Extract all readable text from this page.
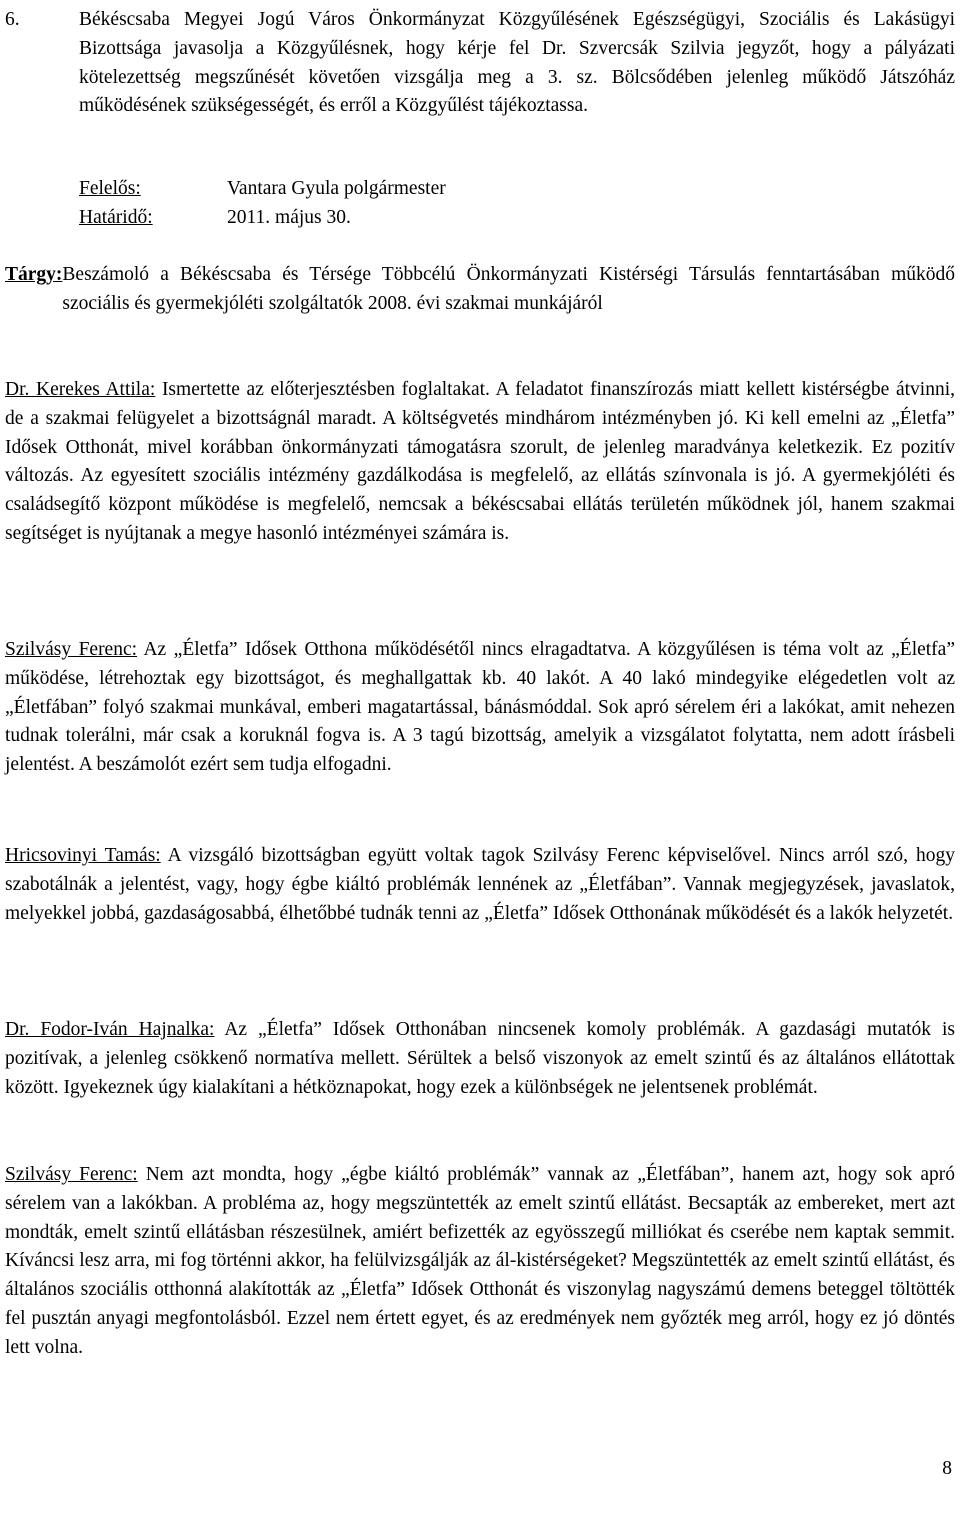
6.	Békéscsaba Megyei Jogú Város Önkormányzat Közgyűlésének Egészségügyi, Szociális és Lakásügyi Bizottsága javasolja a Közgyűlésnek, hogy kérje fel Dr. Szvercsák Szilvia jegyzőt, hogy a pályázati kötelezettség megszűnését követően vizsgálja meg a 3. sz. Bölcsődében jelenleg működő Játszóház működésének szükségességét, és erről a Közgyűlést tájékoztassa.
Felelős:	Vantara Gyula polgármester
Határidő:	2011. május 30.
Tárgy: Beszámoló a Békéscsaba és Térsége Többcélú Önkormányzati Kistérségi Társulás fenntartásában működő szociális és gyermekjóléti szolgáltatók 2008. évi szakmai munkájáról

Dr. Kerekes Attila: Ismertette az előterjesztésben foglaltakat. A feladatot finanszírozás miatt kellett kistérségbe átvinni, de a szakmai felügyelet a bizottságnál maradt. A költségvetés mindhárom intézményben jó. Ki kell emelni az „Életfa” Idősek Otthonát, mivel korábban önkormányzati támogatásra szorult, de jelenleg maradványa keletkezik. Ez pozitív változás. Az egyesített szociális intézmény gazdálkodása is megfelelő, az ellátás színvonala is jó. A gyermekjóléti és családsegítő központ működése is megfelelő, nemcsak a békéscsabai ellátás területén működnek jól, hanem szakmai segítséget is nyújtanak a megye hasonló intézményei számára is.

Szilvásy Ferenc: Az „Életfa” Idősek Otthona működésétől nincs elragadtatva. A közgyűlésen is téma volt az „Életfa” működése, létrehoztak egy bizottságot, és meghallgattak kb. 40 lakót. A 40 lakó mindegyike elégedetlen volt az „Életfában” folyó szakmai munkával, emberi magatartással, bánásmóddal. Sok apró sérelem éri a lakókat, amit nehezen tudnak tolerálni, már csak a koruknál fogva is. A 3 tagú bizottság, amelyik a vizsgálatot folytatta, nem adott írásbeli jelentést. A beszámolót ezért sem tudja elfogadni.

Hricsovinyi Tamás: A vizsgáló bizottságban együtt voltak tagok Szilvásy Ferenc képviselővel. Nincs arról szó, hogy szabotálnák a jelentést, vagy, hogy égbe kiáltó problémák lennének az „Életfában”. Vannak megjegyzések, javaslatok, melyekkel jobbá, gazdaságosabbá, élhetőbbé tudnák tenni az „Életfa” Idősek Otthonának működését és a lakók helyzetét.

Dr. Fodor-Iván Hajnalka: Az „Életfa” Idősek Otthonában nincsenek komoly problémák. A gazdasági mutatók is pozitívak, a jelenleg csökkenő normatíva mellett. Sérültek a belső viszonyok az emelt szintű és az általános ellátottak között. Igyekeznek úgy kialakítani a hétköznapokat, hogy ezek a különbségek ne jelentsenek problémát.

Szilvásy Ferenc: Nem azt mondta, hogy „égbe kiáltó problémák” vannak az „Életfában”, hanem azt, hogy sok apró sérelem van a lakókban. A probléma az, hogy megszüntették az emelt szintű ellátást. Becsapták az embereket, mert azt mondták, emelt szintű ellátásban részesülnek, amiért befizették az egyösszegű milliókat és cserébe nem kaptak semmit. Kíváncsi lesz arra, mi fog történni akkor, ha felülvizsgálják az ál-kistérségeket? Megszüntették az emelt szintű ellátást, és általános szociális otthonná alakították az „Életfa” Idősek Otthonát és viszonylag nagyszámú demens beteggel töltötték fel pusztán anyagi megfontolásból. Ezzel nem értett egyet, és az eredmények nem győzték meg arról, hogy ez jó döntés lett volna.

8
